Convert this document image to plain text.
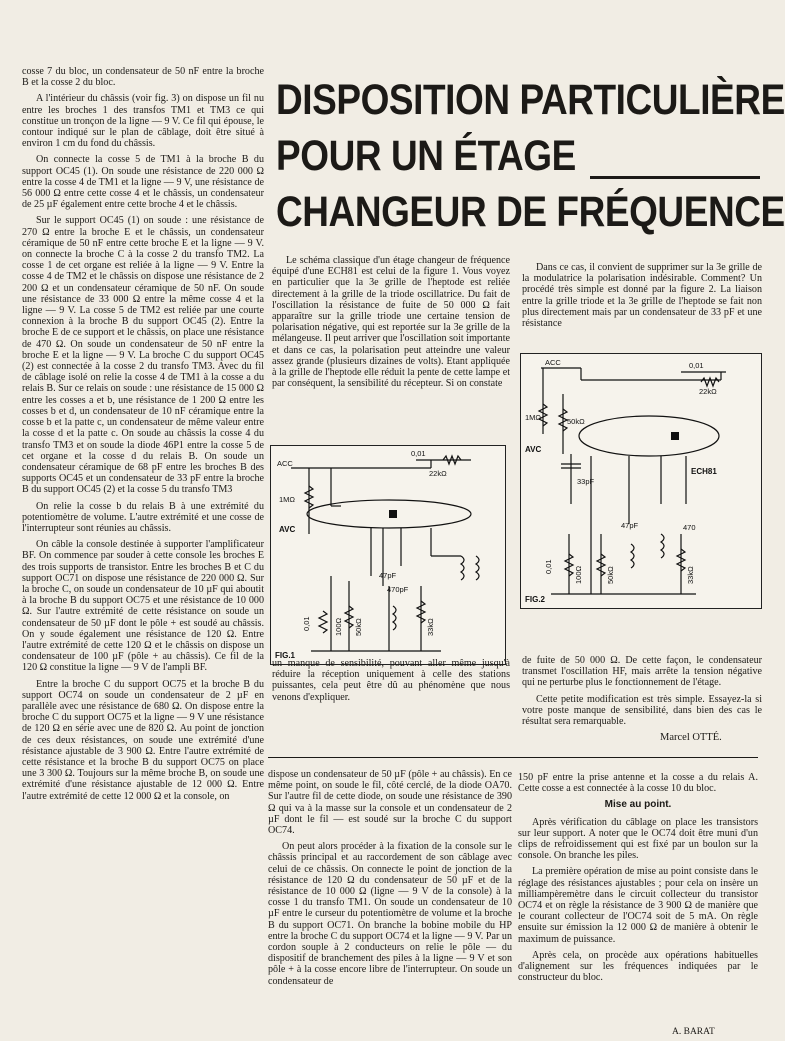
cosse 7 du bloc, un condensateur de 50 nF entre la broche B et la cosse 2 du bloc.

A l'intérieur du châssis (voir fig. 3) on dispose un fil nu entre les broches 1 des transfos TM1 et TM3 ce qui constitue un tronçon de la ligne — 9 V. Ce fil qui épouse, le contour indiqué sur le plan de câblage, doit être situé à environ 1 cm du fond du châssis.

On connecte la cosse 5 de TM1 à la broche B du support OC45 (1). On soude une résistance de 220 000 Ω entre la cosse 4 de TM1 et la ligne — 9 V, une résistance de 56 000 Ω entre cette cosse 4 et le châssis, un condensateur de 25 µF également entre cette broche 4 et le châssis.

Sur le support OC45 (1) on soude : une résistance de 270 Ω entre la broche E et le châssis, un condensateur céramique de 50 nF entre cette broche E et la ligne — 9 V. on connecte la broche C à la cosse 2 du transfo TM2. La cosse 1 de cet organe est reliée à la ligne — 9 V. Entre la cosse 4 de TM2 et le châssis on dispose une résistance de 2 200 Ω et un condensateur céramique de 50 nF. On soude une résistance de 33 000 Ω entre la même cosse 4 et la ligne — 9 V. La cosse 5 de TM2 est reliée par une courte connexion à la broche B du support OC45 (2). Entre la broche E de ce support et le châssis, on place une résistance de 470 Ω. On soude un condensateur de 50 nF entre la broche E et la ligne — 9 V. La broche C du support OC45 (2) est connectée à la cosse 2 du transfo TM3. Avec du fil de câblage isolé on relie la cosse 4 de TM1 à la cosse a du relais B. Sur ce relais on soude : une résistance de 15 000 Ω entre les cosses a et b, une résistance de 1 200 Ω entre les cosses b et d, un condensateur de 10 nF céramique entre la cosse b et la patte c, un condensateur de même valeur entre la cosse d et la patte c. On soude au châssis la cosse 4 du transfo TM3 et on soude la diode 46P1 entre la cosse 5 de cet organe et la cosse d du relais B. On soude un condensateur céramique de 68 pF entre les broches B des supports OC45 et un condensateur de 33 pF entre la broche B du support OC45 (2) et la cosse 5 du transfo TM3

On relie la cosse b du relais B à une extrémité du potentiomètre de volume. L'autre extrémité et une cosse de l'interrupteur sont réunies au châssis.

On câble la console destinée à supporter l'amplificateur BF. On commence par souder à cette console les broches E des trois supports de transistor. Entre les broches B et C du support OC71 on dispose une résistance de 220 000 Ω. Sur la broche C, on soude un condensateur de 10 µF qui aboutit à la broche B du support OC75 et une résistance de 10 000 Ω. Sur l'autre extrémité de cette résistance on soude un condensateur de 50 µF dont le pôle + est soudé au châssis. On y soude également une résistance de 120 Ω. Entre l'autre extrémité de cette 120 Ω et le châssis on dispose un condensateur de 100 µF (pôle + au châssis). Ce fil de la 120 Ω constitue la ligne — 9 V de l'ampli BF.

Entre la broche C du support OC75 et la broche B du support OC74 on soude un condensateur de 2 µF en parallèle avec une résistance de 680 Ω. On dispose entre la broche C du support OC75 et la ligne — 9 V une résistance de 120 Ω en série avec une de 820 Ω. Au point de jonction de ces deux résistances, on soude une extrémité d'une résistance ajustable de 3 900 Ω. Entre l'autre extrémité de cette résistance et la broche B du support OC75 on place une 3 300 Ω. Toujours sur la même broche B, on soude une extrémité d'une résistance ajustable de 12 000 Ω. Entre l'autre extrémité de cette 12 000 Ω et la console, on

DISPOSITION PARTICULIÈRE
POUR UN ÉTAGE
CHANGEUR DE FRÉQUENCE

Le schéma classique d'un étage changeur de fréquence équipé d'une ECH81 est celui de la figure 1. Vous voyez en particulier que la 3e grille de l'heptode est reliée directement à la grille de la triode oscillatrice. Du fait de l'oscillation la résistance de fuite de 50 000 Ω fait apparaître sur la grille triode une certaine tension de polarisation négative, qui est reportée sur la 3e grille de la mélangeuse. Il peut arriver que l'oscillation soit importante et dans ce cas, la polarisation peut atteindre une valeur assez grande (plusieurs dizaines de volts). Etant appliquée à la grille de l'heptode elle réduit la pente de cette lampe et par conséquent, la sensibilité du récepteur. Si on constate

Dans ce cas, il convient de supprimer sur la 3e grille de la modulatrice la polarisation indésirable. Comment? Un procédé très simple est donné par la figure 2. La liaison entre la grille triode et la 3e grille de l'heptode se fait non plus directement mais par un condensateur de 33 pF et une résistance

ACC
1MΩ
AVC
0,01
22kΩ
47pF
470pF
0,01	100Ω 50kΩ	33kΩ
FIG.1
ACC
1MΩ	50kΩ
AVC
33pF
0,01
22kΩ
ECH81
47pF	470
0,01	100Ω	50kΩ	33kΩ
FIG.2

un manque de sensibilité, pouvant aller même jusqu'à réduire la réception uniquement à celle des stations puissantes, cela peut être dû au phénomène que nous venons d'expliquer.

de fuite de 50 000 Ω. De cette façon, le condensateur transmet l'oscillation HF, mais arrête la tension négative qui ne perturbe plus le fonctionnement de l'étage.

Cette petite modification est très simple. Essayez-la si votre poste manque de sensibilité, dans bien des cas le résultat sera remarquable.

Marcel OTTÉ.

dispose un condensateur de 50 µF (pôle + au châssis). En ce même point, on soude le fil, côté cerclé, de la diode OA70. Sur l'autre fil de cette diode, on soude une résistance de 390 Ω qui va à la masse sur la console et un condensateur de 2 µF dont le fil — est soudé sur la broche C du support OC74.

On peut alors procéder à la fixation de la console sur le châssis principal et au raccordement de son câblage avec celui de ce châssis. On connecte le point de jonction de la résistance de 120 Ω du condensateur de 50 µF et de la résistance de 10 000 Ω (ligne — 9 V de la console) à la cosse 1 du transfo TM1. On soude un condensateur de 10 µF entre le curseur du potentiomètre de volume et la broche B du support OC71. On branche la bobine mobile du HP entre la broche C du support OC74 et la ligne — 9 V. Par un cordon souple à 2 conducteurs on relie le pôle — du dispositif de branchement des piles à la ligne — 9 V et son pôle + à la cosse encore libre de l'interrupteur. On soude un condensateur de

150 pF entre la prise antenne et la cosse a du relais A. Cette cosse a est connectée à la cosse 10 du bloc.

Mise au point.

Après vérification du câblage on place les transistors sur leur support. A noter que le OC74 doit être muni d'un clips de refroidissement qui est fixé par un boulon sur la console. On branche les piles.

La première opération de mise au point consiste dans le réglage des résistances ajustables ; pour cela on insère un milliampèremètre dans le circuit collecteur du transistor OC74 et on règle la résistance de 3 900 Ω de manière que le courant collecteur de l'OC74 soit de 5 mA. On règle ensuite sur émission la 12 000 Ω de manière à obtenir le maximum de puissance.

Après cela, on procède aux opérations habituelles d'alignement sur les fréquences indiquées par le constructeur du bloc.

A. BARAT
